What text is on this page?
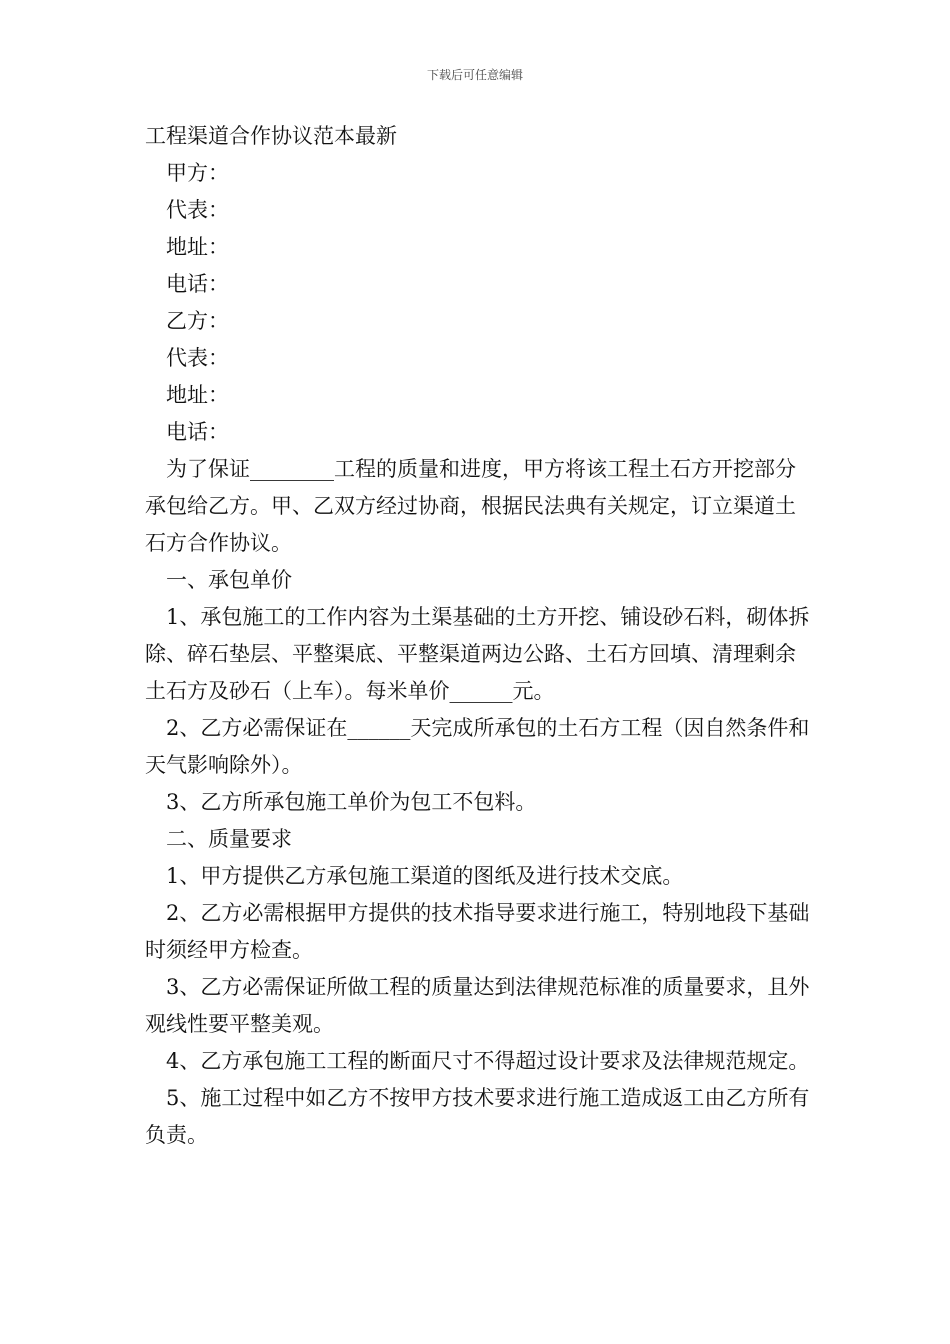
下载后可任意编辑

工程渠道合作协议范本最新

甲方：

代表：

地址：

电话：

乙方：

代表：

地址：

电话：

为了保证________工程的质量和进度，甲方将该工程土石方开挖部分承包给乙方。甲、乙双方经过协商，根据民法典有关规定，订立渠道土石方合作协议。

一、承包单价

1、承包施工的工作内容为土渠基础的土方开挖、铺设砂石料，砌体拆除、碎石垫层、平整渠底、平整渠道两边公路、土石方回填、清理剩余土石方及砂石（上车）。每米单价______元。

2、乙方必需保证在______天完成所承包的土石方工程（因自然条件和天气影响除外）。

3、乙方所承包施工单价为包工不包料。

二、质量要求

1、甲方提供乙方承包施工渠道的图纸及进行技术交底。

2、乙方必需根据甲方提供的技术指导要求进行施工，特别地段下基础时须经甲方检查。

3、乙方必需保证所做工程的质量达到法律规范标准的质量要求，且外观线性要平整美观。

4、乙方承包施工工程的断面尺寸不得超过设计要求及法律规范规定。

5、施工过程中如乙方不按甲方技术要求进行施工造成返工由乙方所有负责。
